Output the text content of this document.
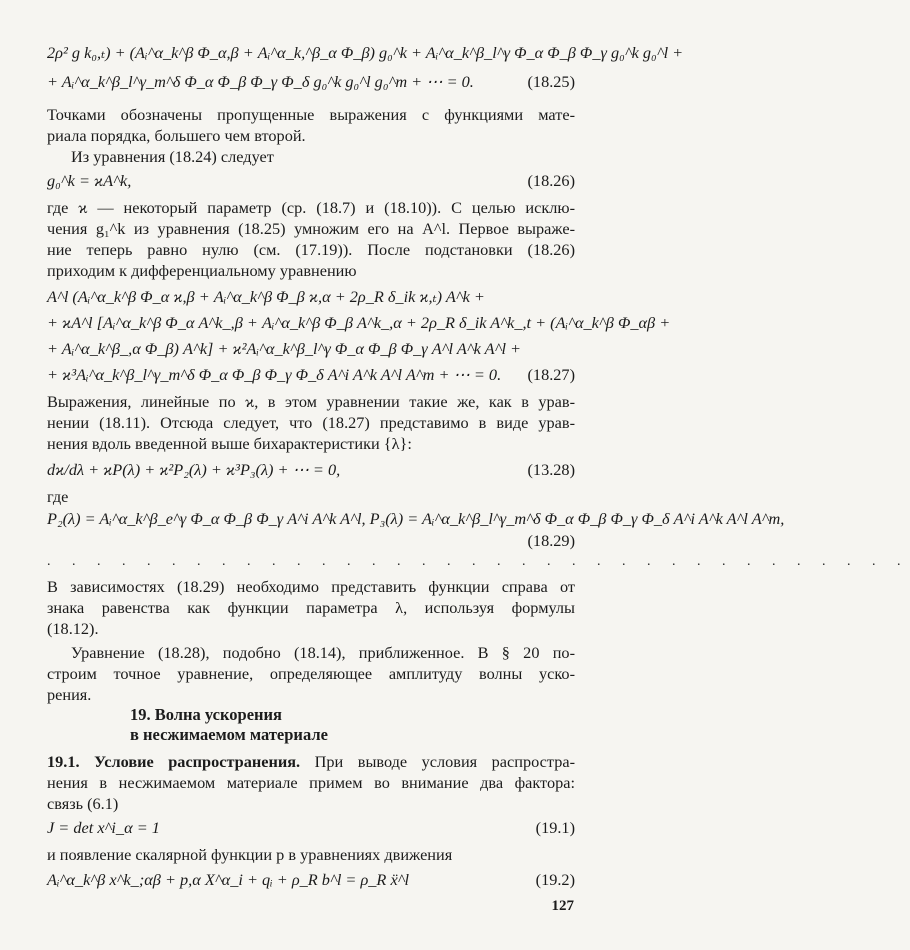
2ρ² g k₀,ₜ) + (Aᵢ^α_k^β Φ_α,β + Aᵢ^α_k,^β_α Φ_β) g₀^k + Aᵢ^α_k^β_l^γ Φ_α Φ_β Φ_γ g₀^k g₀^l +
+ Aᵢ^α_k^β_l^γ_m^δ Φ_α Φ_β Φ_γ Φ_δ g₀^k g₀^l g₀^m + ⋯ = 0.	(18.25)
Точками обозначены пропущенные выражения с функциями мате-
риала порядка, большего чем второй.
Из уравнения (18.24) следует
g₀^k = ϰA^k,	(18.26)
где ϰ — некоторый параметр (ср. (18.7) и (18.10)). С целью исклю-
чения g₁^k из уравнения (18.25) умножим его на A^l. Первое выраже-
ние теперь равно нулю (см. (17.19)). После подстановки (18.26)
приходим к дифференциальному уравнению
A^l (Aᵢ^α_k^β Φ_α ϰ,β + Aᵢ^α_k^β Φ_β ϰ,α + 2ρ_R δ_ik ϰ,ₜ) A^k +
+ ϰA^l [Aᵢ^α_k^β Φ_α A^k_,β + Aᵢ^α_k^β Φ_β A^k_,α + 2ρ_R δ_ik A^k_,t + (Aᵢ^α_k^β Φ_αβ +
+ Aᵢ^α_k^β_,α Φ_β) A^k] + ϰ²Aᵢ^α_k^β_l^γ Φ_α Φ_β Φ_γ A^l A^k A^l +
+ ϰ³Aᵢ^α_k^β_l^γ_m^δ Φ_α Φ_β Φ_γ Φ_δ A^i A^k A^l A^m + ⋯ = 0. (18.27)
Выражения, линейные по ϰ, в этом уравнении такие же, как в урав-
нении (18.11). Отсюда следует, что (18.27) представимо в виде урав-
нения вдоль введенной выше бихарактеристики {λ}:
dϰ/dλ + ϰP(λ) + ϰ²P₂(λ) + ϰ³P₃(λ) + ⋯ = 0,	(13.28)
где
P₂(λ) = Aᵢ^α_k^β_e^γ Φ_α Φ_β Φ_γ A^i A^k A^l, P₃(λ) = Aᵢ^α_k^β_l^γ_m^δ Φ_α Φ_β Φ_γ Φ_δ A^i A^k A^l A^m,
(18.29)
. . . . . . . . . . . . . . . . . . . . . . . . . . . . . . . . . . .
В зависимостях (18.29) необходимо представить функции справа от
знака равенства как функции параметра λ, используя формулы
(18.12).
Уравнение (18.28), подобно (18.14), приближенное. В § 20 по-
строим точное уравнение, определяющее амплитуду волны уско-
рения.
19. Волна ускорения
в несжимаемом материале
19.1. Условие распространения. При выводе условия распростра-
нения в несжимаемом материале примем во внимание два фактора:
связь (6.1)
J = det x^i_α = 1	(19.1)
и появление скалярной функции p в уравнениях движения
Aᵢ^α_k^β x^k_;αβ + p,α X^α_i + qᵢ + ρ_R b^l = ρ_R ẍ^l	(19.2)
127
